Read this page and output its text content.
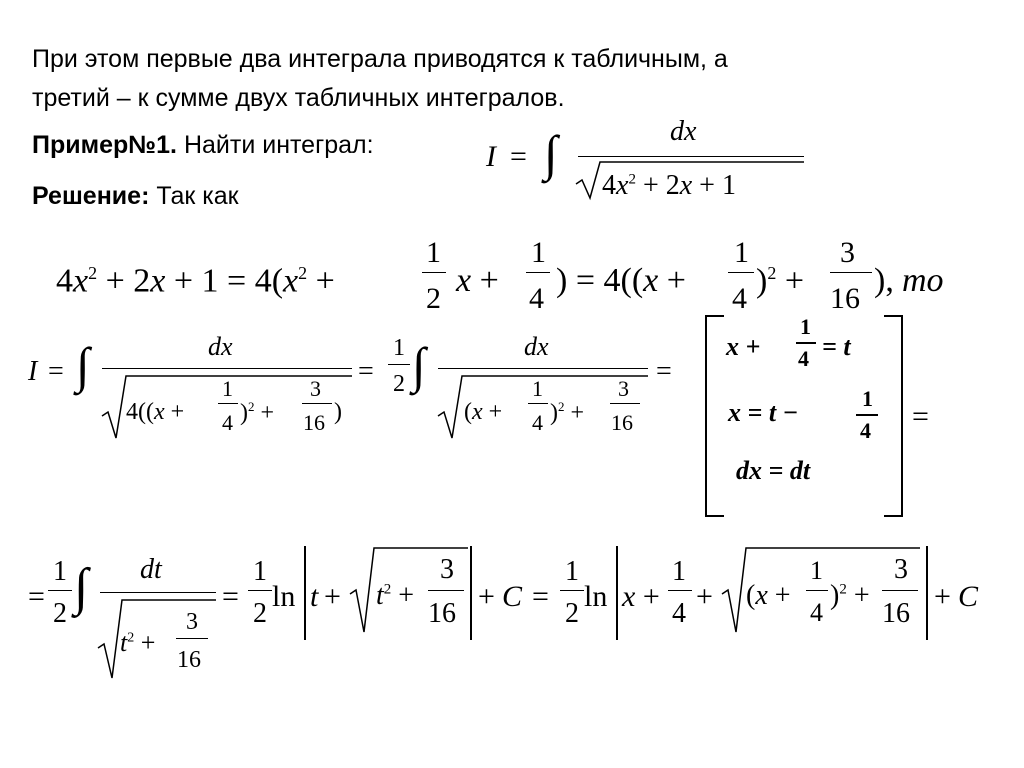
При этом первые два интеграла приводятся к табличным, а
третий – к сумме двух табличных интегралов.
Пример№1. Найти интеграл:
Решение: Так как
I = ∫	dx
$4x^2 + 2x + 1$
$4x^2 + 2x + 1 = 4(x^2$ +
1
2 x +
1
4 ) = 4((x +
1
4 )$^2$ +
3
16 ), то
I = ∫	dx
4((x +
1
4 )$^2$ +
3
16 )
=
1
2 ∫	dx
(x +
1
4 )$^2$ +
3
16
=
x +
1
4 = t
x = t −	1
4
dx = dt
=
=
1
2 ∫ dt
$t^2$ +
3
16
=
1
2
$\ln t + t^2$ +
3
16
+ C =
1
2
ln x +
1
4
+ (x +
1
4
)$^2$ +
3
16
+ C
